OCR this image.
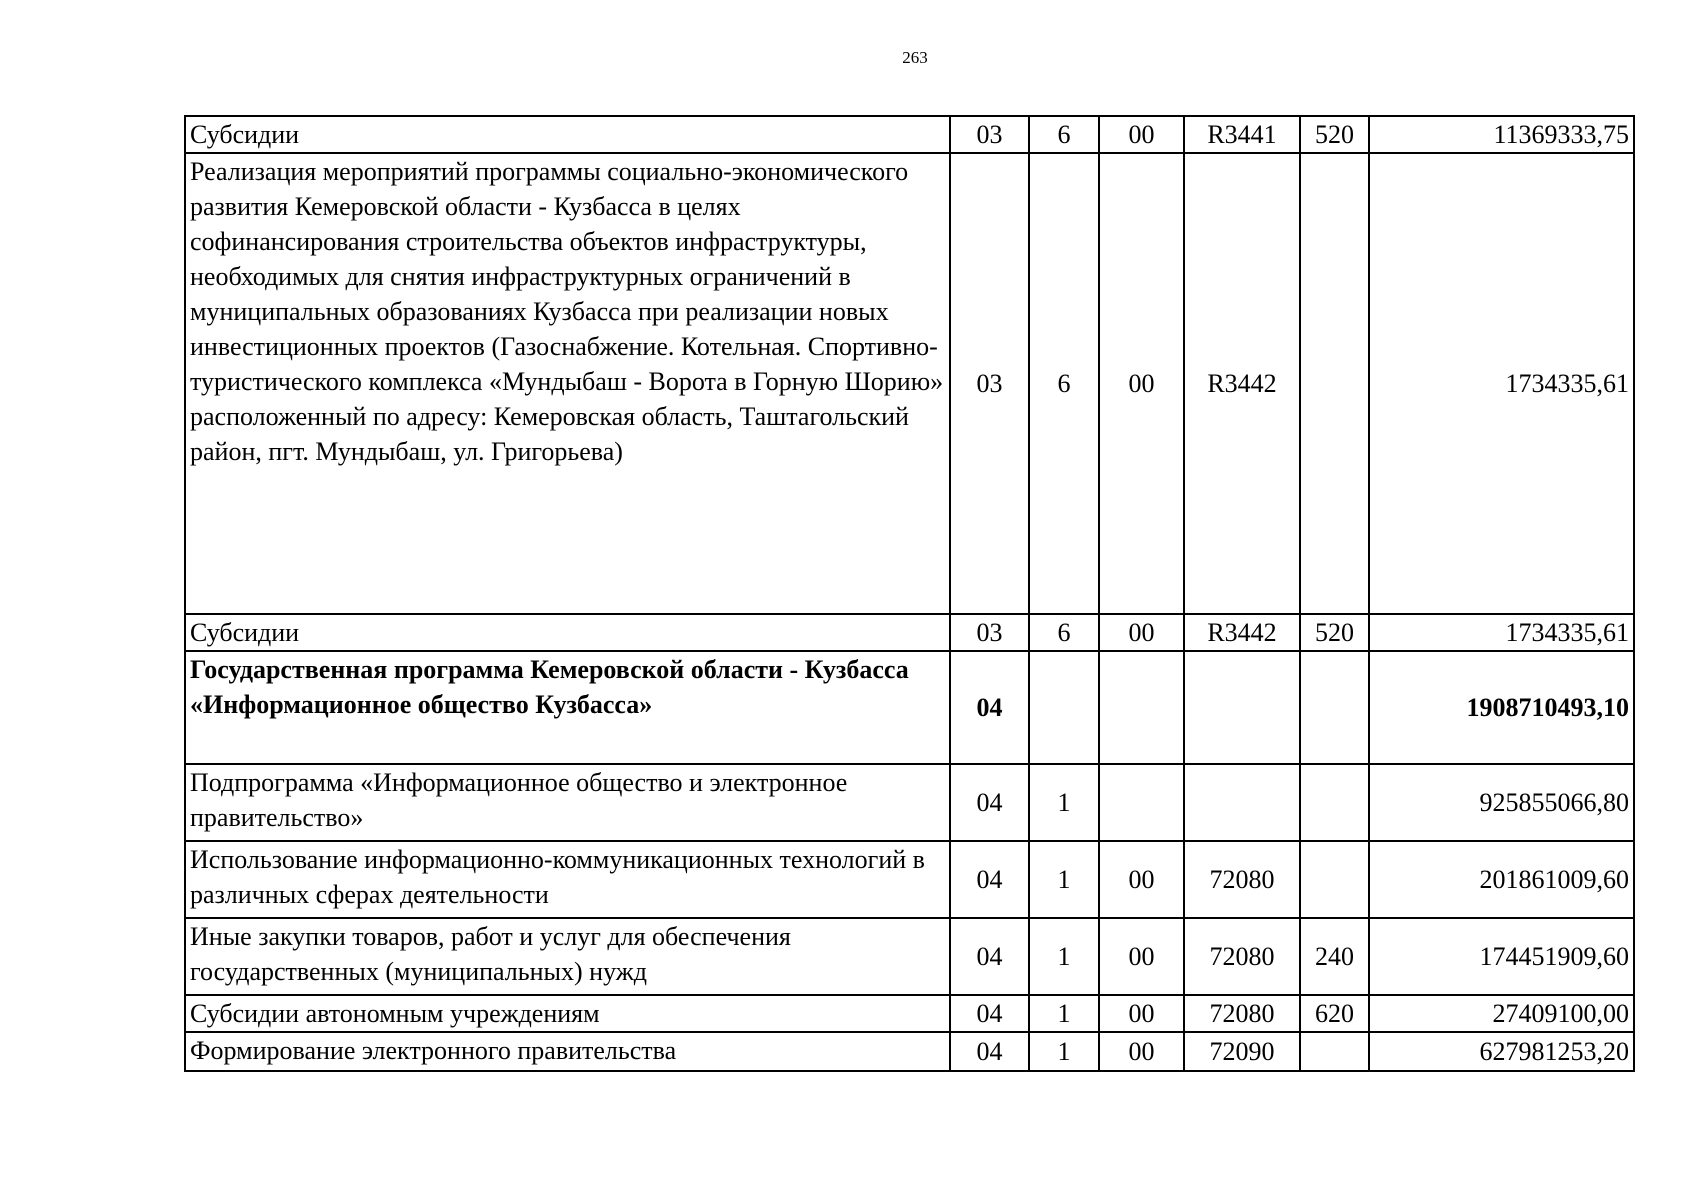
263
Субсидии	03	6	00	R3441	520	11369333,75
Реализация мероприятий программы социально-экономического развития Кемеровской области - Кузбасса в целях софинансирования строительства объектов инфраструктуры, необходимых для снятия инфраструктурных ограничений в муниципальных образованиях Кузбасса при реализации новых инвестиционных проектов (Газоснабжение. Котельная. Спортивно-туристического комплекса «Мундыбаш - Ворота в Горную Шорию» расположенный по адресу: Кемеровская область, Таштагольский район, пгт. Мундыбаш, ул. Григорьева)	03	6	00	R3442		1734335,61
Субсидии	03	6	00	R3442	520	1734335,61
Государственная программа Кемеровской области - Кузбасса «Информационное общество Кузбасса»	04					1908710493,10
Подпрограмма «Информационное общество и электронное правительство»	04	1				925855066,80
Использование информационно-коммуникационных технологий в различных сферах деятельности	04	1	00	72080		201861009,60
Иные закупки товаров, работ и услуг для обеспечения государственных (муниципальных) нужд	04	1	00	72080	240	174451909,60
Субсидии автономным учреждениям	04	1	00	72080	620	27409100,00
Формирование электронного правительства	04	1	00	72090		627981253,20
